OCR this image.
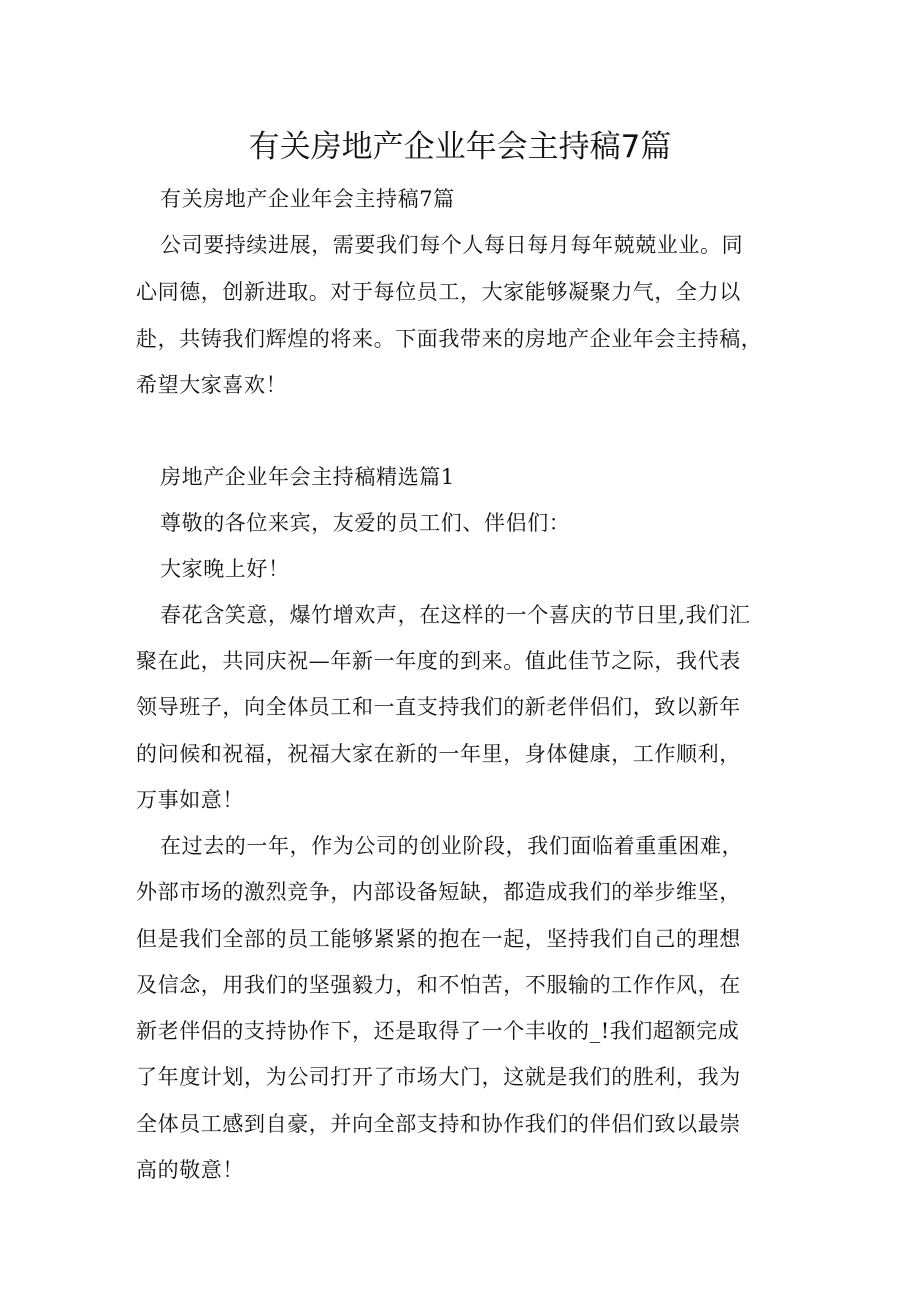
有关房地产企业年会主持稿7篇

有关房地产企业年会主持稿7篇

公司要持续进展，需要我们每个人每日每月每年兢兢业业。同

心同德，创新进取。对于每位员工，大家能够凝聚力气，全力以

赴，共铸我们辉煌的将来。下面我带来的房地产企业年会主持稿，

希望大家喜欢！

房地产企业年会主持稿精选篇1

尊敬的各位来宾，友爱的员工们、伴侣们：

大家晚上好！

春花含笑意，爆竹增欢声，在这样的一个喜庆的节日里,我们汇

聚在此，共同庆祝—年新一年度的到来。值此佳节之际，我代表

领导班子，向全体员工和一直支持我们的新老伴侣们，致以新年

的问候和祝福，祝福大家在新的一年里，身体健康，工作顺利，

万事如意！

在过去的一年，作为公司的创业阶段，我们面临着重重困难，

外部市场的激烈竞争，内部设备短缺，都造成我们的举步维坚，

但是我们全部的员工能够紧紧的抱在一起，坚持我们自己的理想

及信念，用我们的坚强毅力，和不怕苦，不服输的工作作风，在

新老伴侣的支持协作下，还是取得了一个丰收的_!我们超额完成

了年度计划，为公司打开了市场大门，这就是我们的胜利，我为

全体员工感到自豪，并向全部支持和协作我们的伴侣们致以最崇

高的敬意！
